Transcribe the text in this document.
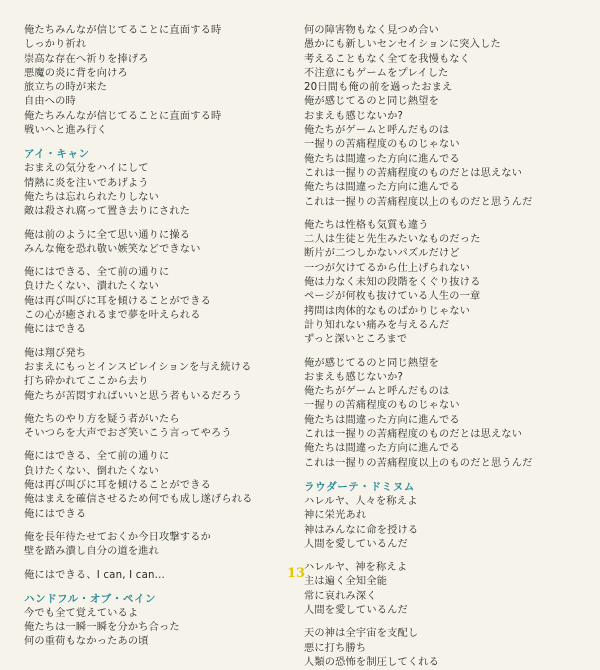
俺たちみんなが信じてることに直面する時
しっかり祈れ
崇高な存在へ祈りを捧げろ
悪魔の炎に背を向けろ
旅立ちの時が来た
自由への時
俺たちみんなが信じてることに直面する時
戦いへと進み行く
アイ・キャン
おまえの気分をハイにして
情熱に炎を注いであげよう
俺たちは忘れられたりしない
敵は殺され腐って置き去りにされた
俺は前のように全て思い通りに操る
みんな俺を恐れ敬い嫉笑などできない
俺にはできる、全て前の通りに
負けたくない、潰れたくない
俺は再び叫びに耳を傾けることができる
この心が癒されるまで夢を叶えられる
俺にはできる
俺は翔び発ち
おまえにもっとインスピレイションを与え続ける
打ち砕かれてここから去り
俺たちが苦悶すればいいと思う者もいるだろう
俺たちのやり方を疑う者がいたら
そいつらを大声でおざ笑いこう言ってやろう
俺にはできる、全て前の通りに
負けたくない、倒れたくない
俺は再び叫びに耳を傾けることができる
俺はまえを確信させるため何でも成し遂げられる
俺にはできる
俺を長年待たせておくか今日攻撃するか
壁を踏み潰し自分の道を進れ
俺にはできる、I can, I can...
ハンドフル・オブ・ペイン
今でも全て覚えているよ
俺たちは一瞬一瞬を分かち合った
何の重荷もなかったあの頃
何の障害物もなく見つめ合い
愚かにも新しいセンセイションに突入した
考えることもなく全てを我慢もなく
不注意にもゲームをプレイした
20日間も俺の前を過ったおまえ
俺が感じてるのと同じ熱望を
おまえも感じないか?
俺たちがゲームと呼んだものは
一握りの苦痛程度のものじゃない
俺たちは間違った方向に進んでる
これは一握りの苦痛程度のものだとは思えない
俺たちは間違った方向に進んでる
これは一握りの苦痛程度以上のものだと思うんだ
俺たちは性格も気質も違う
二人は生徒と先生みたいなものだった
断片が二つしかないパズルだけど
一つが欠けてるから仕上げられない
俺は力なく未知の段階をくぐり抜ける
ページが何枚も抜けている人生の一章
拷問は肉体的なものばかりじゃない
計り知れない痛みを与えるんだ
ずっと深いところまで
俺が感じてるのと同じ熱望を
おまえも感じないか?
俺たちがゲームと呼んだものは
一握りの苦痛程度のものじゃない
俺たちは間違った方向に進んでる
これは一握りの苦痛程度のものだとは思えない
俺たちは間違った方向に進んでる
これは一握りの苦痛程度以上のものだと思うんだ
ラウダーテ・ドミヌム
ハレルヤ、人々を称えよ
神に栄光あれ
神はみんなに命を授ける
人間を愛しているんだ
ハレルヤ、神を称えよ
主は遍く全知全能
常に哀れみ深く
人間を愛しているんだ
天の神は全宇宙を支配し
悪に打ち勝ち
人類の恐怖を制圧してくれる
13
